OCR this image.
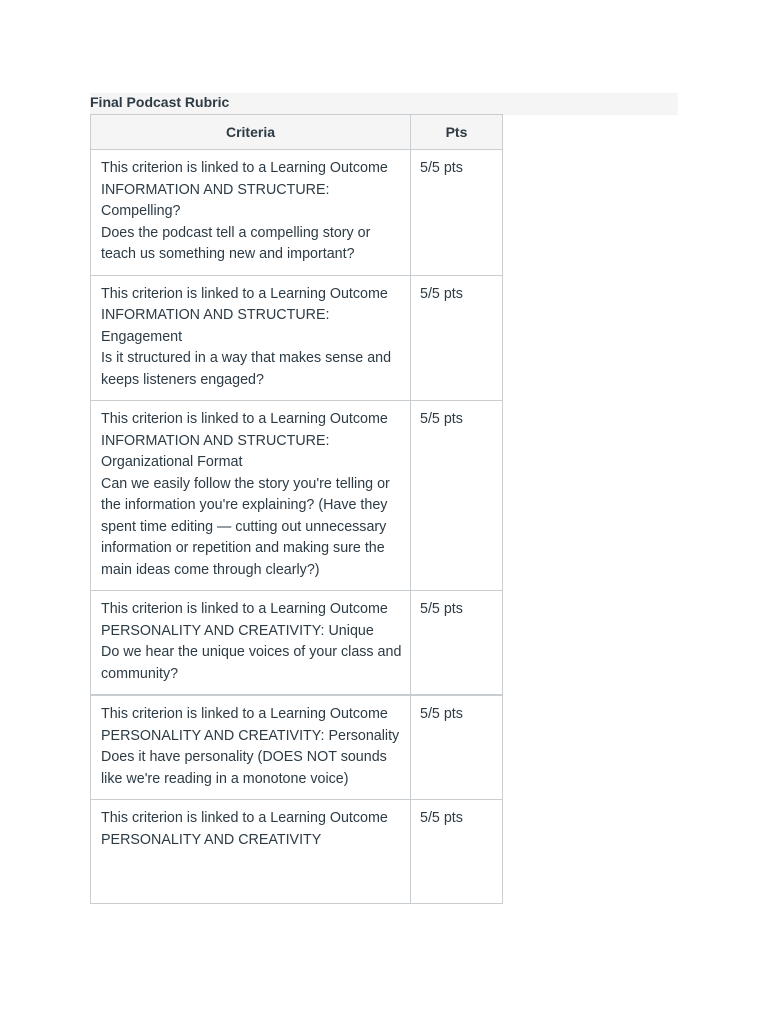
Final Podcast Rubric
Criteria	Pts

This criterion is linked to a Learning Outcome
INFORMATION AND STRUCTURE: Compelling?
Does the podcast tell a compelling story or teach us something new and important?	5/5 pts

This criterion is linked to a Learning Outcome
INFORMATION AND STRUCTURE: Engagement
Is it structured in a way that makes sense and keeps listeners engaged?	5/5 pts

This criterion is linked to a Learning Outcome
INFORMATION AND STRUCTURE: Organizational Format
Can we easily follow the story you're telling or the information you're explaining? (Have they spent time editing — cutting out unnecessary information or repetition and making sure the main ideas come through clearly?)	5/5 pts

This criterion is linked to a Learning Outcome
PERSONALITY AND CREATIVITY: Unique
Do we hear the unique voices of your class and community?	5/5 pts

This criterion is linked to a Learning Outcome
PERSONALITY AND CREATIVITY: Personality
Does it have personality (DOES NOT sounds like we're reading in a monotone voice)	5/5 pts

This criterion is linked to a Learning Outcome
PERSONALITY AND CREATIVITY	5/5 pts
